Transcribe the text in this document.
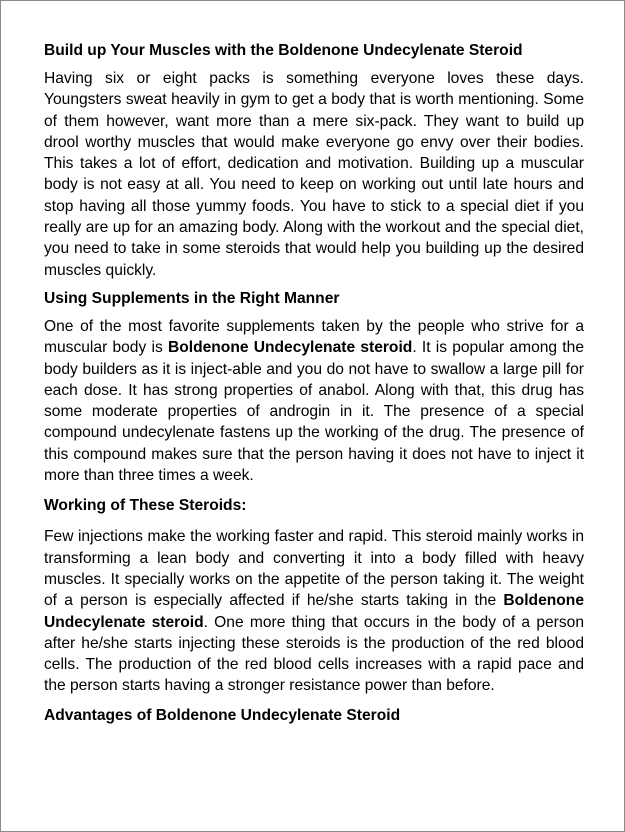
Build up Your Muscles with the Boldenone Undecylenate Steroid

Having six or eight packs is something everyone loves these days. Youngsters sweat heavily in gym to get a body that is worth mentioning. Some of them however, want more than a mere six-pack. They want to build up drool worthy muscles that would make everyone go envy over their bodies. This takes a lot of effort, dedication and motivation. Building up a muscular body is not easy at all. You need to keep on working out until late hours and stop having all those yummy foods. You have to stick to a special diet if you really are up for an amazing body. Along with the workout and the special diet, you need to take in some steroids that would help you building up the desired muscles quickly.

Using Supplements in the Right Manner

One of the most favorite supplements taken by the people who strive for a muscular body is Boldenone Undecylenate steroid. It is popular among the body builders as it is inject-able and you do not have to swallow a large pill for each dose. It has strong properties of anabol. Along with that, this drug has some moderate properties of androgin in it. The presence of a special compound undecylenate fastens up the working of the drug. The presence of this compound makes sure that the person having it does not have to inject it more than three times a week.

Working of These Steroids:

Few injections make the working faster and rapid. This steroid mainly works in transforming a lean body and converting it into a body filled with heavy muscles. It specially works on the appetite of the person taking it. The weight of a person is especially affected if he/she starts taking in the Boldenone Undecylenate steroid. One more thing that occurs in the body of a person after he/she starts injecting these steroids is the production of the red blood cells. The production of the red blood cells increases with a rapid pace and the person starts having a stronger resistance power than before.

Advantages of Boldenone Undecylenate Steroid
